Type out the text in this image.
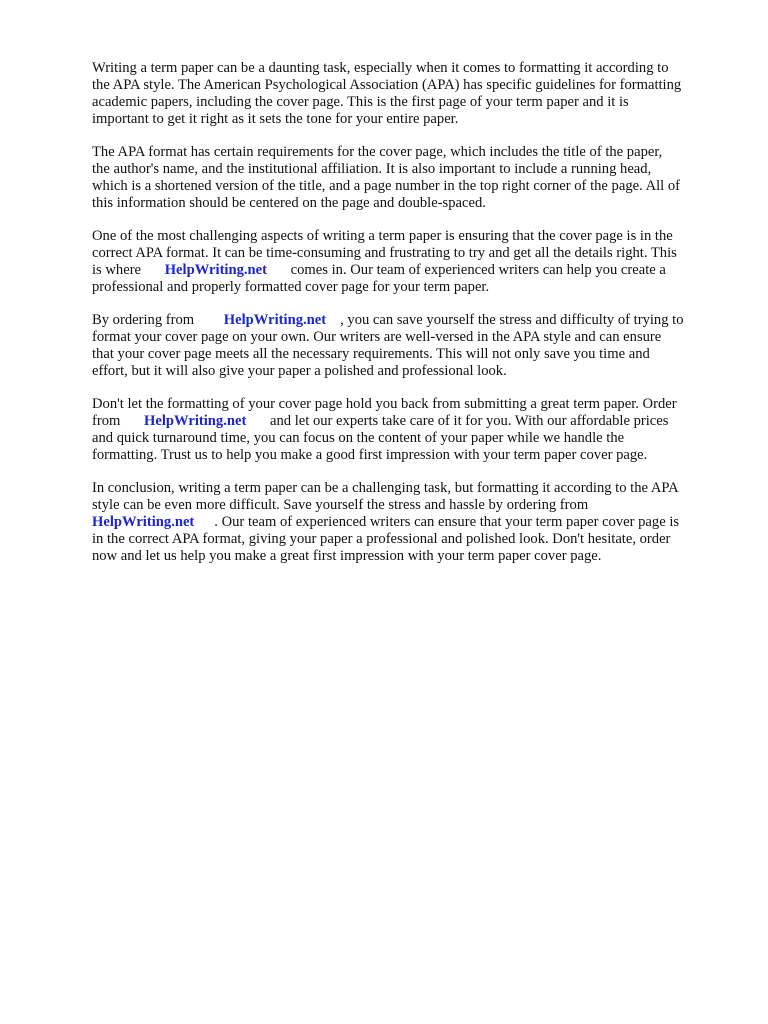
Writing a term paper can be a daunting task, especially when it comes to formatting it according to
the APA style. The American Psychological Association (APA) has specific guidelines for formatting
academic papers, including the cover page. This is the first page of your term paper and it is
important to get it right as it sets the tone for your entire paper.
The APA format has certain requirements for the cover page, which includes the title of the paper,
the author's name, and the institutional affiliation. It is also important to include a running head,
which is a shortened version of the title, and a page number in the top right corner of the page. All of
this information should be centered on the page and double-spaced.
One of the most challenging aspects of writing a term paper is ensuring that the cover page is in the
correct APA format. It can be time-consuming and frustrating to try and get all the details right. This
is where HelpWriting.net comes in. Our team of experienced writers can help you create a
professional and properly formatted cover page for your term paper.
By ordering from HelpWriting.net , you can save yourself the stress and difficulty of trying to
format your cover page on your own. Our writers are well-versed in the APA style and can ensure
that your cover page meets all the necessary requirements. This will not only save you time and
effort, but it will also give your paper a polished and professional look.
Don't let the formatting of your cover page hold you back from submitting a great term paper. Order
from HelpWriting.net and let our experts take care of it for you. With our affordable prices
and quick turnaround time, you can focus on the content of your paper while we handle the
formatting. Trust us to help you make a good first impression with your term paper cover page.
In conclusion, writing a term paper can be a challenging task, but formatting it according to the APA
style can be even more difficult. Save yourself the stress and hassle by ordering from
HelpWriting.net . Our team of experienced writers can ensure that your term paper cover page is
in the correct APA format, giving your paper a professional and polished look. Don't hesitate, order
now and let us help you make a great first impression with your term paper cover page.
